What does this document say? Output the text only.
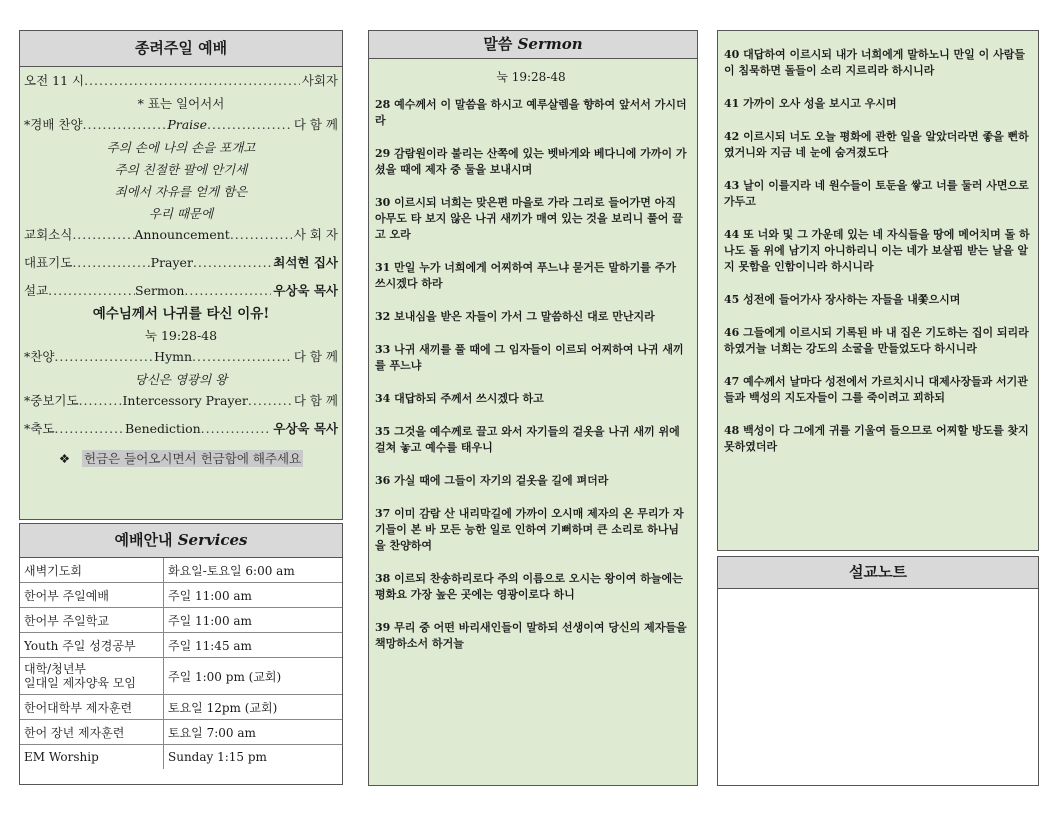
종려주일 예배
오전 11 시 .....	사회자
* 표는 일어서서
*경배 찬양 .....	Praise .....	다 함 께
주의 손에 나의 손을 포개고
주의 친절한 팔에 안기세
죄에서 자유를 얻게 함은
우리 때문에
교회소식 .....	Announcement .....	사 회 자
대표기도 .....	Prayer .....	최석현 집사
설교 .....	Sermon .....	우상욱 목사
예수님께서 나귀를 타신 이유!
눅 19:28-48
*찬양 .....	Hymn .....	다 함 께
당신은 영광의 왕
*중보기도 .....	Intercessory Prayer .....	다 함 께
*축도 .....	Benediction .....	우상욱 목사
❖ 헌금은 들어오시면서 헌금함에 해주세요
예배안내 Services
새벽기도회	화요일-토요일 6:00 am
한어부 주일예배	주일 11:00 am
한어부 주일학교	주일 11:00 am
Youth 주일 성경공부	주일 11:45 am
대학/청년부
일대일 제자양육 모임	주일 1:00 pm (교회)
한어대학부 제자훈련	토요일 12pm (교회)
한어 장년 제자훈련	토요일 7:00 am
EM Worship	Sunday 1:15 pm
말씀 Sermon
눅 19:28-48
28 예수께서 이 말씀을 하시고 예루살렘을 향하여 앞서서 가시더라
29 감람원이라 불리는 산쪽에 있는 벳바게와 베다니에 가까이 가셨을 때에 제자 중 둘을 보내시며
30 이르시되 너희는 맞은편 마을로 가라 그리로 들어가면 아직 아무도 타 보지 않은 나귀 새끼가 매여 있는 것을 보리니 풀어 끌고 오라
31 만일 누가 너희에게 어찌하여 푸느냐 묻거든 말하기를 주가 쓰시겠다 하라
32 보내심을 받은 자들이 가서 그 말씀하신 대로 만난지라
33 나귀 새끼를 풀 때에 그 임자들이 이르되 어찌하여 나귀 새끼를 푸느냐
34 대답하되 주께서 쓰시겠다 하고
35 그것을 예수께로 끌고 와서 자기들의 겉옷을 나귀 새끼 위에 걸쳐 놓고 예수를 태우니
36 가실 때에 그들이 자기의 겉옷을 길에 펴더라
37 이미 감람 산 내리막길에 가까이 오시매 제자의 온 무리가 자기들이 본 바 모든 능한 일로 인하여 기뻐하며 큰 소리로 하나님을 찬양하여
38 이르되 찬송하리로다 주의 이름으로 오시는 왕이여 하늘에는 평화요 가장 높은 곳에는 영광이로다 하니
39 무리 중 어떤 바리새인들이 말하되 선생이여 당신의 제자들을 책망하소서 하거늘
40 대답하여 이르시되 내가 너희에게 말하노니 만일 이 사람들이 침묵하면 돌들이 소리 지르리라 하시니라
41 가까이 오사 성을 보시고 우시며
42 이르시되 너도 오늘 평화에 관한 일을 알았더라면 좋을 뻔하였거니와 지금 네 눈에 숨겨졌도다
43 날이 이를지라 네 원수들이 토둔을 쌓고 너를 둘러 사면으로 가두고
44 또 너와 및 그 가운데 있는 네 자식들을 땅에 메어치며 돌 하나도 돌 위에 남기지 아니하리니 이는 네가 보살핌 받는 날을 알지 못함을 인함이니라 하시니라
45 성전에 들어가사 장사하는 자들을 내쫓으시며
46 그들에게 이르시되 기록된 바 내 집은 기도하는 집이 되리라 하였거늘 너희는 강도의 소굴을 만들었도다 하시니라
47 예수께서 날마다 성전에서 가르치시니 대제사장들과 서기관들과 백성의 지도자들이 그를 죽이려고 꾀하되
48 백성이 다 그에게 귀를 기울여 들으므로 어찌할 방도를 찾지 못하였더라
설교노트
